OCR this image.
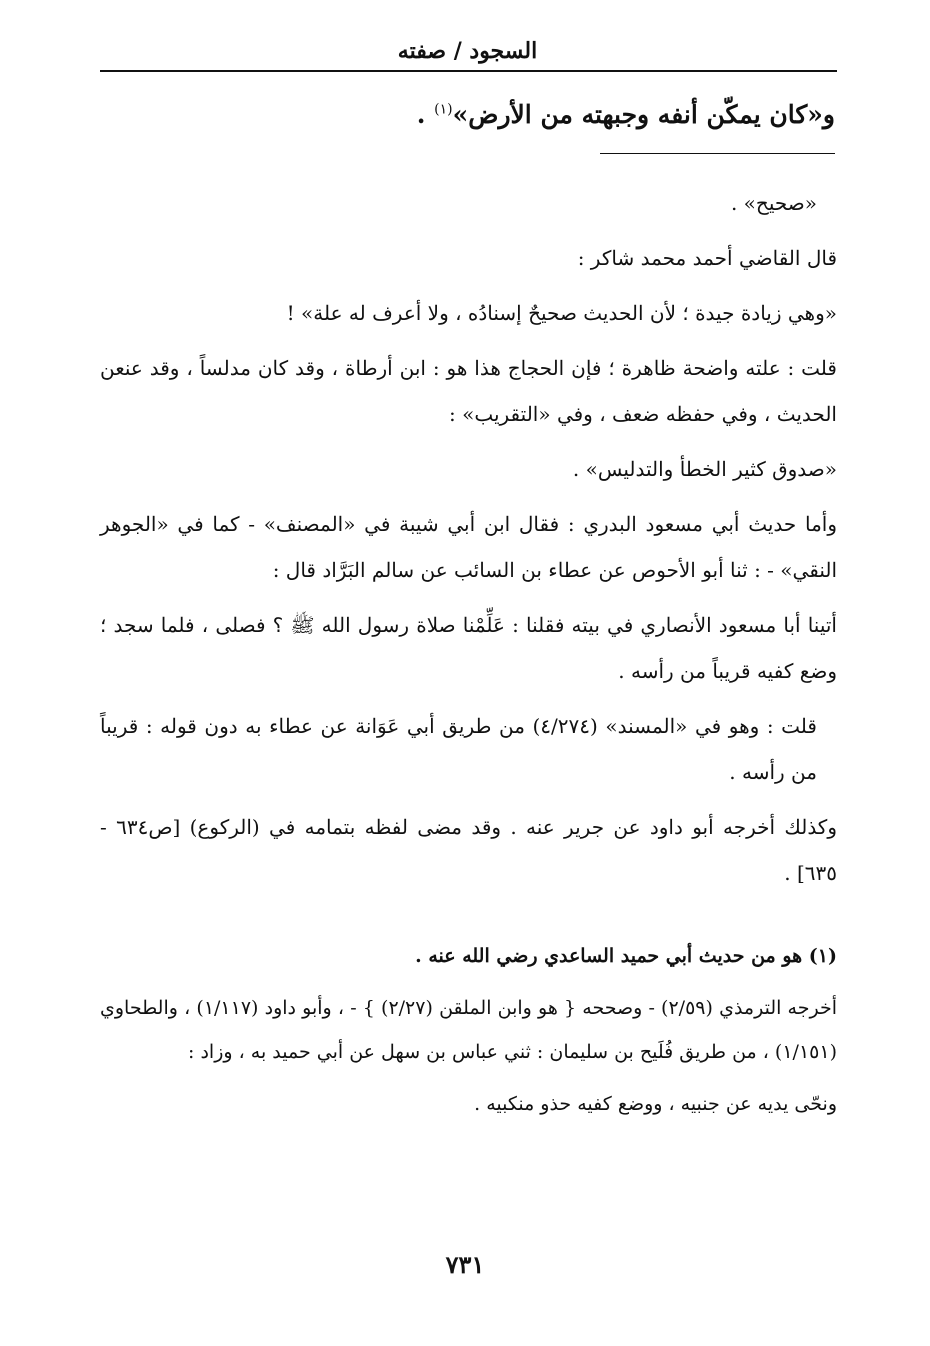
السجود / صفته
و«كان يمكّن أنفه وجبهته من الأرض»$^{(١)}$ .

«صحيح» .

قال القاضي أحمد محمد شاكر :

«وهي زيادة جيدة ؛ لأن الحديث صحيحٌ إسنادُه ، ولا أعرف له علة» !

قلت : علته واضحة ظاهرة ؛ فإن الحجاج هذا هو : ابن أرطاة ، وقد كان مدلساً ، وقد عنعن الحديث ، وفي حفظه ضعف ، وفي «التقريب» :

«صدوق كثير الخطأ والتدليس» .

وأما حديث أبي مسعود البدري : فقال ابن أبي شيبة في «المصنف» - كما في «الجوهر النقي» - : ثنا أبو الأحوص عن عطاء بن السائب عن سالم البَرَّاد قال :

أتينا أبا مسعود الأنصاري في بيته فقلنا : عَلِّمْنا صلاة رسول الله ﷺ ؟ فصلى ، فلما سجد ؛ وضع كفيه قريباً من رأسه .

قلت : وهو في «المسند» (٤/٢٧٤) من طريق أبي عَوَانة عن عطاء به دون قوله : قريباً من رأسه .

وكذلك أخرجه أبو داود عن جرير عنه . وقد مضى لفظه بتمامه في (الركوع) [ص٦٣٤ - ٦٣٥] .

(١) هو من حديث أبي حميد الساعدي رضي الله عنه .

أخرجه الترمذي (٢/٥٩) - وصححه { هو وابن الملقن (٢/٢٧) } - ، وأبو داود (١/١١٧) ، والطحاوي (١/١٥١) ، من طريق فُلَيح بن سليمان : ثني عباس بن سهل عن أبي حميد به ، وزاد :

ونحّى يديه عن جنبيه ، ووضع كفيه حذو منكبيه .

٧٣١
